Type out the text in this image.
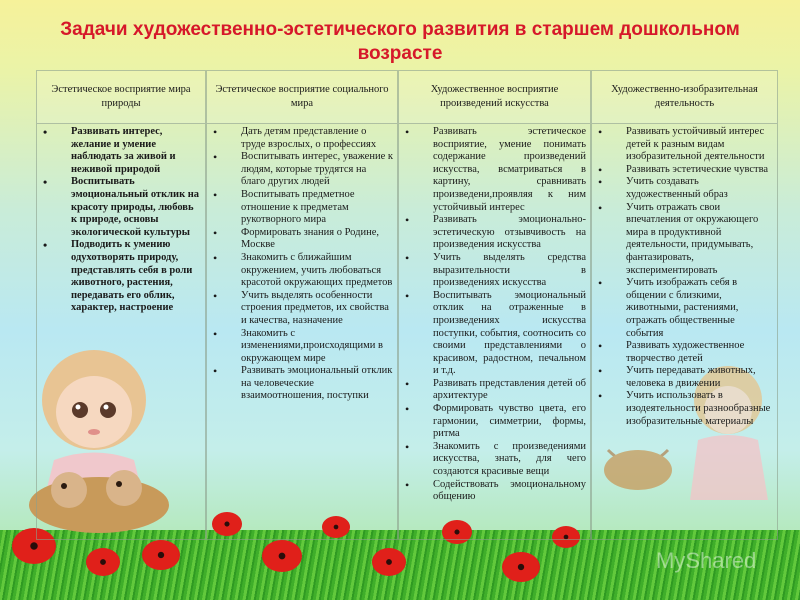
Задачи художественно-эстетического развития в старшем дошкольном возрасте
Эстетическое восприятие мира природы
Эстетическое восприятие социального мира
Художественное восприятие произведений искусства
Художественно-изобразительная деятельность
• Развивать интерес, желание и умение наблюдать за живой и неживой природой
• Воспитывать эмоциональный отклик на красоту природы, любовь к природе, основы экологической культуры
• Подводить к умению одухотворять природу, представлять себя в роли животного, растения, передавать его облик, характер, настроение
• Дать детям представление о труде взрослых, о профессиях
• Воспитывать интерес, уважение к людям, которые трудятся на благо других людей
• Воспитывать предметное отношение к предметам рукотворного мира
• Формировать знания о Родине, Москве
• Знакомить с ближайшим окружением, учить любоваться красотой окружающих предметов
• Учить выделять особенности строения предметов, их свойства и качества, назначение
• Знакомить с изменениями,происходящими в окружающем мире
• Развивать эмоциональный отклик на человеческие взаимоотношения, поступки
• Развивать эстетическое восприятие, умение понимать содержание произведений искусства, всматриваться в картину, сравнивать произведени,проявляя к ним устойчивый интерес
• Развивать эмоционально-эстетическую отзывчивость на произведения искусства
• Учить выделять средства выразительности в произведениях искусства
• Воспитывать эмоциональный отклик на отраженные в произведениях искусства поступки, события, соотносить со своими представлениями о красивом, радостном, печальном и т.д.
• Развивать представления детей об архитектуре
• Формировать чувство цвета, его гармонии, симметрии, формы, ритма
• Знакомить с произведениями искусства, знать, для чего создаются красивые вещи
• Содействовать эмоциональному общению
• Развивать устойчивый интерес детей к разным видам изобразительной деятельности
• Развивать эстетические чувства
• Учить создавать художественный образ
• Учить отражать свои впечатления от окружающего мира в продуктивной деятельности, придумывать, фантазировать, экспериментировать
• Учить изображать себя в общении с близкими, животными, растениями, отражать общественные события
• Развивать художественное творчество детей
• Учить передавать животных, человека в движении
• Учить использовать в изодеятельности разнообразные изобразительные материалы
MyShared
